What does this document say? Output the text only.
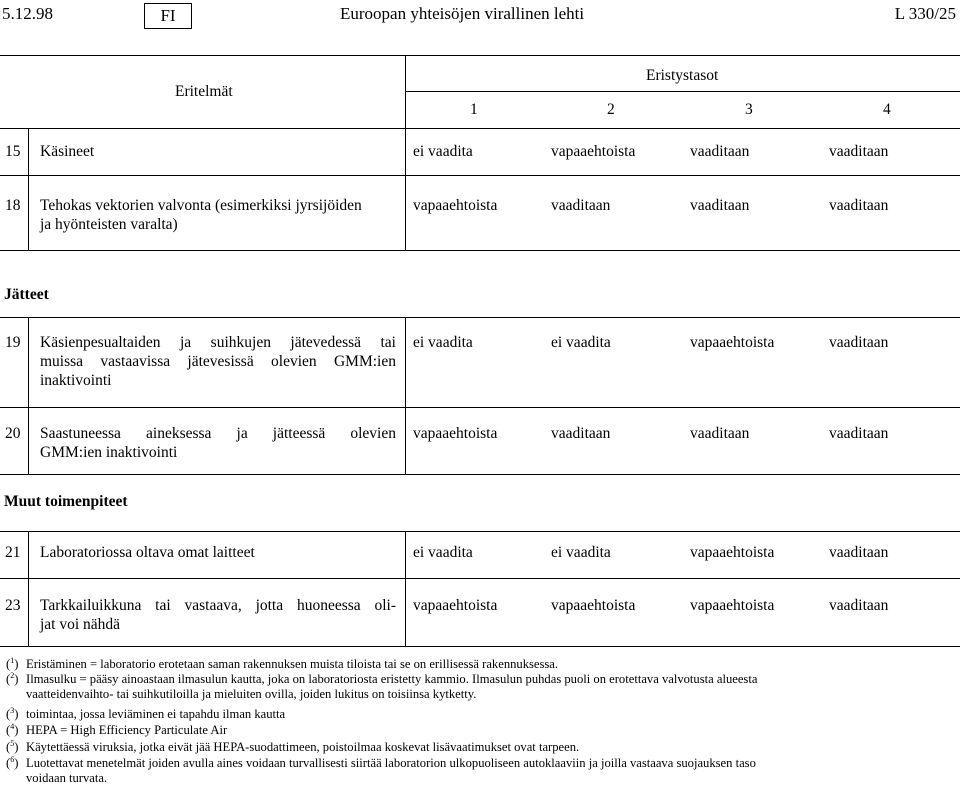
5.12.98	FI	Euroopan yhteisöjen virallinen lehti	L 330/25
Eritelmät
Eristystasot
1	2	3	4
15 Käsineet	ei vaadita	vapaaehtoista	vaaditaan	vaaditaan
18 Tehokas vektorien valvonta (esimerkiksi jyrsijöiden
ja hyönteisten varalta)
vapaaehtoista	vaaditaan	vaaditaan	vaaditaan
Jätteet
19 Käsienpesualtaiden ja suihkujen jätevedessä tai
muissa vastaavissa jätevesissä olevien GMM:ien
inaktivointi
ei vaadita	ei vaadita	vapaaehtoista	vaaditaan
20 Saastuneessa aineksessa ja jätteessä olevien
GMM:ien inaktivointi
vapaaehtoista	vaaditaan	vaaditaan	vaaditaan
Muut toimenpiteet
21 Laboratoriossa oltava omat laitteet	ei vaadita	ei vaadita	vapaaehtoista	vaaditaan
23 Tarkkailuikkuna tai vastaava, jotta huoneessa oli-
jat voi nähdä
vapaaehtoista	vapaaehtoista	vapaaehtoista	vaaditaan
($^1$) Eristäminen = laboratorio erotetaan saman rakennuksen muista tiloista tai se on erillisessä rakennuksessa.
($^2$) Ilmasulku = pääsy ainoastaan ilmasulun kautta, joka on laboratoriosta eristetty kammio. Ilmasulun puhdas puoli on erotettava valvotusta alueesta
vaatteidenvaihto- tai suihkutiloilla ja mieluiten ovilla, joiden lukitus on toisiinsa kytketty.
($^3$) toimintaa, jossa leviäminen ei tapahdu ilman kautta
($^4$) HEPA = High Efficiency Particulate Air
($^5$) Käytettäessä viruksia, jotka eivät jää HEPA-suodattimeen, poistoilmaa koskevat lisävaatimukset ovat tarpeen.
($^6$) Luotettavat menetelmät joiden avulla aines voidaan turvallisesti siirtää laboratorion ulkopuoliseen autoklaaviin ja joilla vastaava suojauksen taso
voidaan turvata.
